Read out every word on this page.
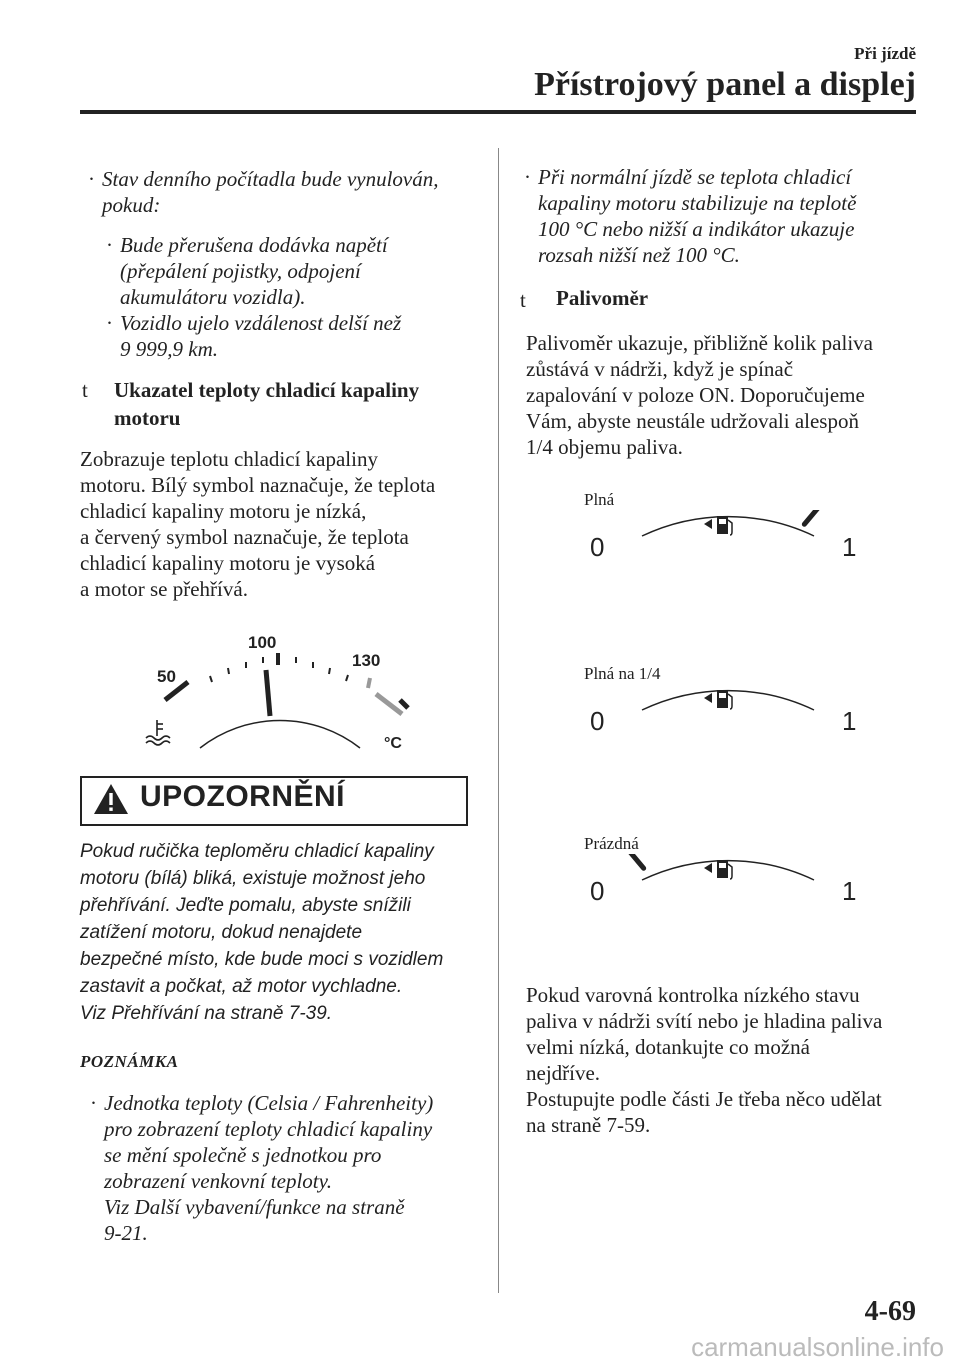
Při jízdě
Přístrojový panel a displej
· Stav denního počítadla bude vynulován,
pokud:
· Bude přerušena dodávka napětí
(přepálení pojistky, odpojení
akumulátoru vozidla).
· Vozidlo ujelo vzdálenost delší než
9 999,9 km.
t Ukazatel teploty chladicí kapaliny
motoru
Zobrazuje teplotu chladicí kapaliny
motoru. Bílý symbol naznačuje, že teplota
chladicí kapaliny motoru je nízká,
a červený symbol naznačuje, že teplota
chladicí kapaliny motoru je vysoká
a motor se přehřívá.
50
100
130
°C
UPOZORNĚNÍ
Pokud ručička teploměru chladicí kapaliny
motoru (bílá) bliká, existuje možnost jeho
přehřívání. Jeďte pomalu, abyste snížili
zatížení motoru, dokud nenajdete
bezpečné místo, kde bude moci s vozidlem
zastavit a počkat, až motor vychladne.
Viz Přehřívání na straně 7-39.
POZNÁMKA
· Jednotka teploty (Celsia / Fahrenheity)
pro zobrazení teploty chladicí kapaliny
se mění společně s jednotkou pro
zobrazení venkovní teploty.
Viz Další vybavení/funkce na straně
9-21.
· Při normální jízdě se teplota chladicí
kapaliny motoru stabilizuje na teplotě
100 °C nebo nižší a indikátor ukazuje
rozsah nižší než 100 °C.
t Palivoměr
Palivoměr ukazuje, přibližně kolik paliva
zůstává v nádrži, když je spínač
zapalování v poloze ON. Doporučujeme
Vám, abyste neustále udržovali alespoň
1/4 objemu paliva.
Plná
0	1
Plná na 1/4
0	1
Prázdná
0	1
Pokud varovná kontrolka nízkého stavu
paliva v nádrži svítí nebo je hladina paliva
velmi nízká, dotankujte co možná
nejdříve.
Postupujte podle části Je třeba něco udělat
na straně 7-59.
4-69
carmanualsonline.info
